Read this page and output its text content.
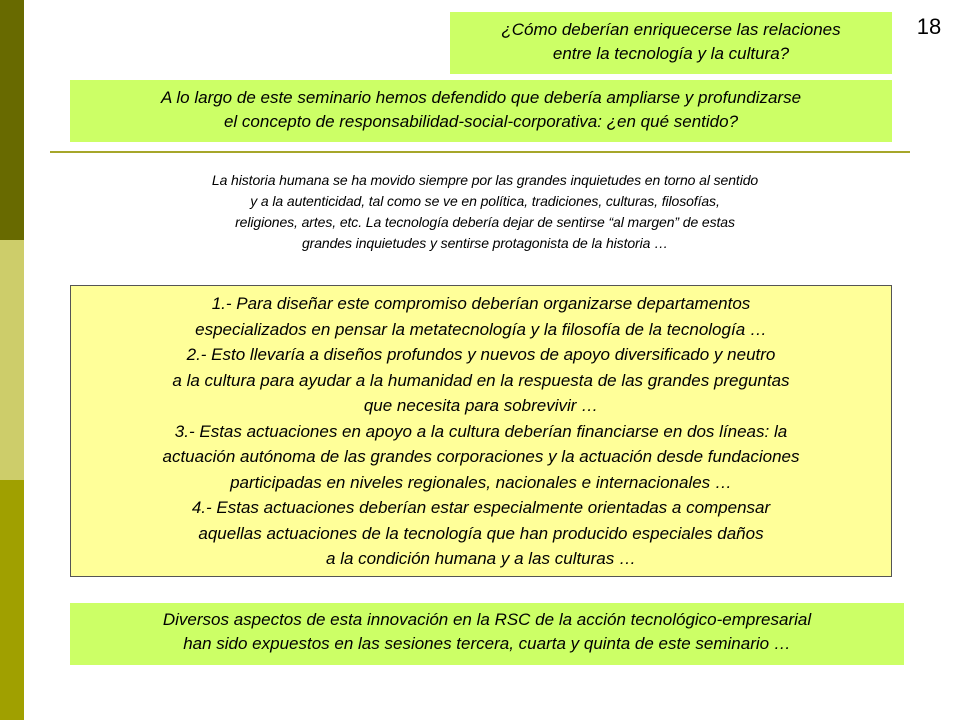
18
¿Cómo deberían enriquecerse las relaciones
entre la tecnología y la cultura?
A lo largo de este seminario hemos defendido que debería ampliarse y profundizarse
el concepto de responsabilidad-social-corporativa: ¿en qué sentido?
La historia humana se ha movido siempre por las grandes inquietudes en torno al sentido
y a la autenticidad, tal como se ve en política, tradiciones, culturas, filosofías,
religiones, artes, etc. La tecnología debería dejar de sentirse “al margen” de estas
grandes inquietudes y sentirse protagonista de la historia …
1.- Para diseñar este compromiso deberían organizarse departamentos
especializados en pensar la metatecnología y la filosofía de la tecnología …
2.- Esto llevaría a diseños profundos y nuevos de apoyo diversificado y neutro
a la cultura para ayudar a la humanidad en la respuesta de las grandes preguntas
que necesita para sobrevivir …
3.- Estas actuaciones en apoyo a la cultura deberían financiarse en dos líneas: la
actuación autónoma de las grandes corporaciones y la actuación desde fundaciones
participadas en niveles regionales, nacionales e internacionales …
4.- Estas actuaciones deberían estar especialmente orientadas a compensar
aquellas actuaciones de la tecnología que han producido especiales daños
a la condición humana y a las culturas …
Diversos aspectos de esta innovación en la RSC de la acción tecnológico-empresarial
han sido expuestos en las sesiones tercera, cuarta y quinta de este seminario …
